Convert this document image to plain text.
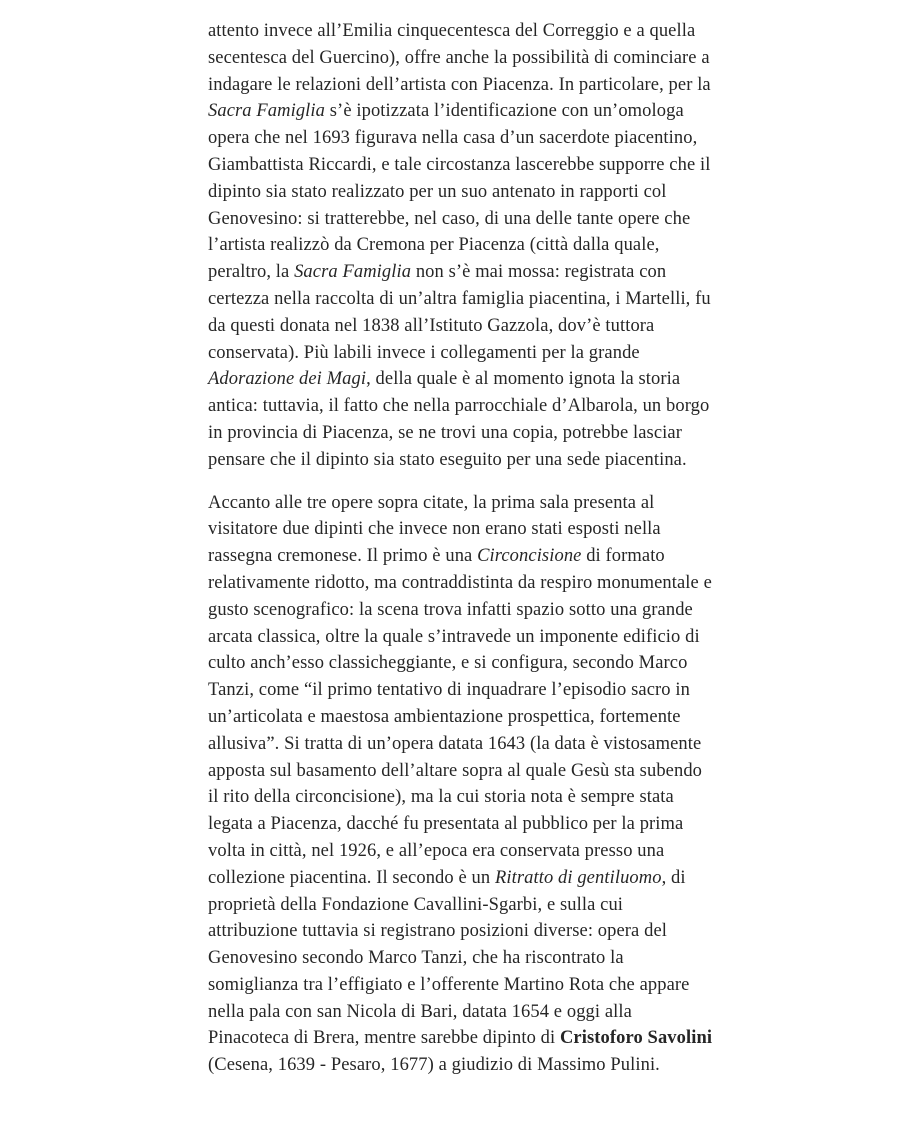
attento invece all’Emilia cinquecentesca del Correggio e a quella secentesca del Guercino), offre anche la possibilità di cominciare a indagare le relazioni dell’artista con Piacenza. In particolare, per la Sacra Famiglia s’è ipotizzata l’identificazione con un’omologa opera che nel 1693 figurava nella casa d’un sacerdote piacentino, Giambattista Riccardi, e tale circostanza lascerebbe supporre che il dipinto sia stato realizzato per un suo antenato in rapporti col Genovesino: si tratterebbe, nel caso, di una delle tante opere che l’artista realizzò da Cremona per Piacenza (città dalla quale, peraltro, la Sacra Famiglia non s’è mai mossa: registrata con certezza nella raccolta di un’altra famiglia piacentina, i Martelli, fu da questi donata nel 1838 all’Istituto Gazzola, dov’è tuttora conservata). Più labili invece i collegamenti per la grande Adorazione dei Magi, della quale è al momento ignota la storia antica: tuttavia, il fatto che nella parrocchiale d’Albarola, un borgo in provincia di Piacenza, se ne trovi una copia, potrebbe lasciar pensare che il dipinto sia stato eseguito per una sede piacentina.

Accanto alle tre opere sopra citate, la prima sala presenta al visitatore due dipinti che invece non erano stati esposti nella rassegna cremonese. Il primo è una Circoncisione di formato relativamente ridotto, ma contraddistinta da respiro monumentale e gusto scenografico: la scena trova infatti spazio sotto una grande arcata classica, oltre la quale s’intravede un imponente edificio di culto anch’esso classicheggiante, e si configura, secondo Marco Tanzi, come “il primo tentativo di inquadrare l’episodio sacro in un’articolata e maestosa ambientazione prospettica, fortemente allusiva”. Si tratta di un’opera datata 1643 (la data è vistosamente apposta sul basamento dell’altare sopra al quale Gesù sta subendo il rito della circoncisione), ma la cui storia nota è sempre stata legata a Piacenza, dacché fu presentata al pubblico per la prima volta in città, nel 1926, e all’epoca era conservata presso una collezione piacentina. Il secondo è un Ritratto di gentiluomo, di proprietà della Fondazione Cavallini-Sgarbi, e sulla cui attribuzione tuttavia si registrano posizioni diverse: opera del Genovesino secondo Marco Tanzi, che ha riscontrato la somiglianza tra l’effigiato e l’offerente Martino Rota che appare nella pala con san Nicola di Bari, datata 1654 e oggi alla Pinacoteca di Brera, mentre sarebbe dipinto di Cristoforo Savolini (Cesena, 1639 - Pesaro, 1677) a giudizio di Massimo Pulini.
